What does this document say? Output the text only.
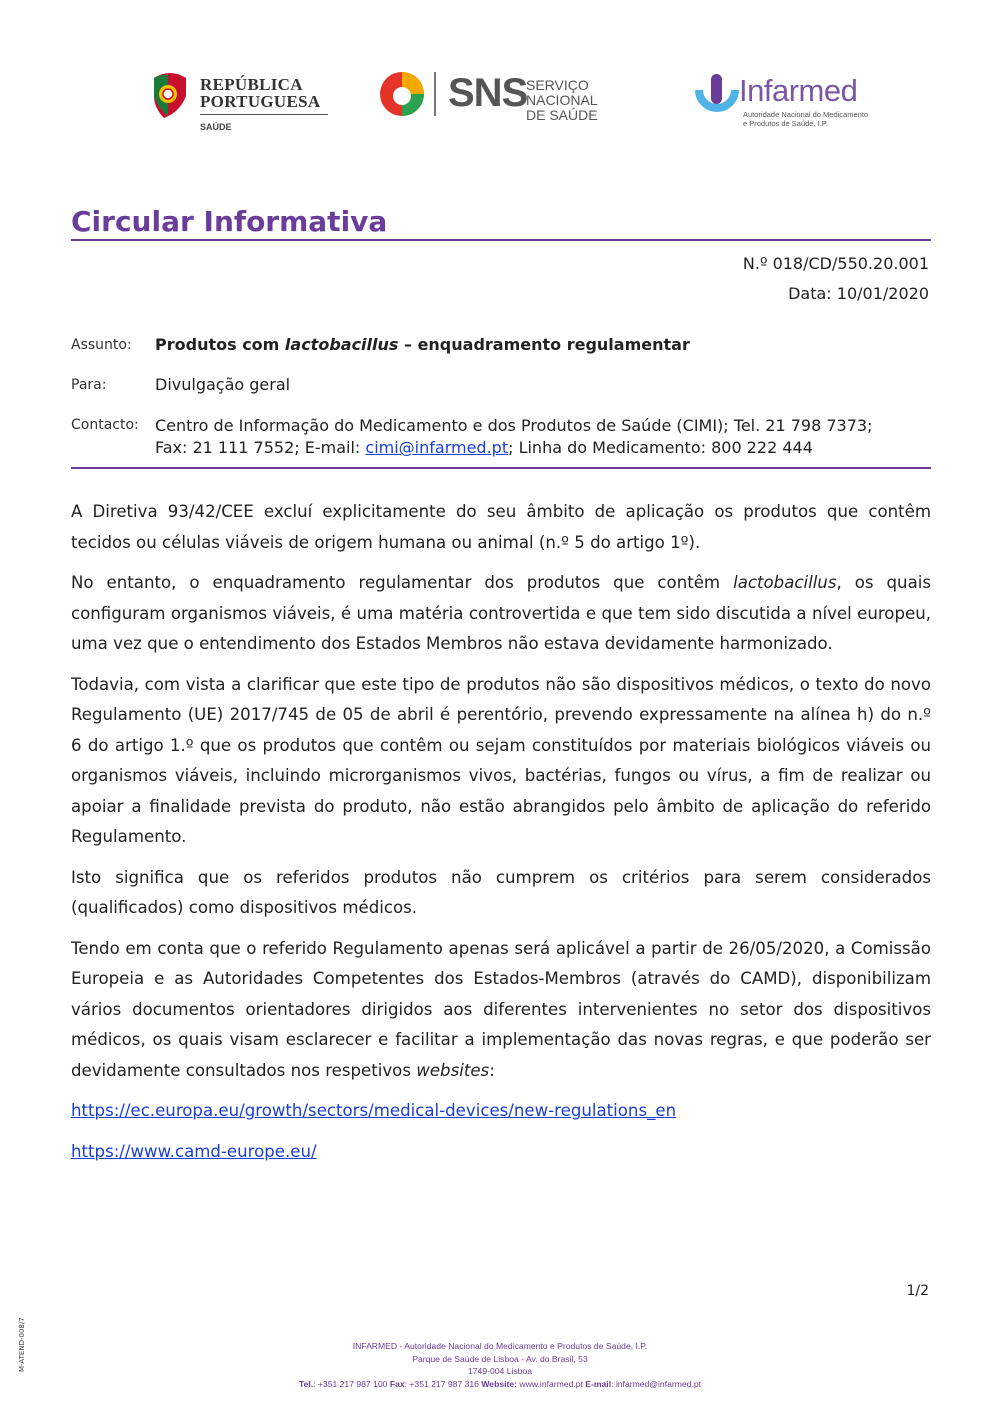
REPÚBLICA
PORTUGUESA
SAÚDE
SNS
SERVIÇO NACIONAL
DE SAÚDE
Infarmed
Autoridade Nacional do Medicamento
e Produtos de Saúde, I.P.
Circular Informativa
N.º 018/CD/550.20.001
Data: 10/01/2020
Assunto: Produtos com lactobacillus – enquadramento regulamentar
Para:	Divulgação geral
Contacto: Centro de Informação do Medicamento e dos Produtos de Saúde (CIMI); Tel. 21 798 7373;
Fax: 21 111 7552; E-mail: cimi@infarmed.pt; Linha do Medicamento: 800 222 444

A Diretiva 93/42/CEE excluí explicitamente do seu âmbito de aplicação os produtos que contêm tecidos ou células viáveis de origem humana ou animal (n.º 5 do artigo 1º).

No entanto, o enquadramento regulamentar dos produtos que contêm lactobacillus, os quais configuram organismos viáveis, é uma matéria controvertida e que tem sido discutida a nível europeu, uma vez que o entendimento dos Estados Membros não estava devidamente harmonizado.

Todavia, com vista a clarificar que este tipo de produtos não são dispositivos médicos, o texto do novo Regulamento (UE) 2017/745 de 05 de abril é perentório, prevendo expressamente na alínea h) do n.º 6 do artigo 1.º que os produtos que contêm ou sejam constituídos por materiais biológicos viáveis ou organismos viáveis, incluindo microrganismos vivos, bactérias, fungos ou vírus, a fim de realizar ou apoiar a finalidade prevista do produto, não estão abrangidos pelo âmbito de aplicação do referido Regulamento.

Isto significa que os referidos produtos não cumprem os critérios para serem considerados (qualificados) como dispositivos médicos.

Tendo em conta que o referido Regulamento apenas será aplicável a partir de 26/05/2020, a Comissão Europeia e as Autoridades Competentes dos Estados-Membros (através do CAMD), disponibilizam vários documentos orientadores dirigidos aos diferentes intervenientes no setor dos dispositivos médicos, os quais visam esclarecer e facilitar a implementação das novas regras, e que poderão ser devidamente consultados nos respetivos websites:

https://ec.europa.eu/growth/sectors/medical-devices/new-regulations_en
https://www.camd-europe.eu/
1/2
M-ATEND-008/7	INFARMED - Autoridade Nacional do Medicamento e Produtos de Saúde, I.P.
Parque de Saúde de Lisboa - Av. do Brasil, 53
1749-004 Lisboa
Tel.: +351 217 987 100 Fax: +351 217 987 316 Website: www.infarmed.pt E-mail: infarmed@infarmed.pt
